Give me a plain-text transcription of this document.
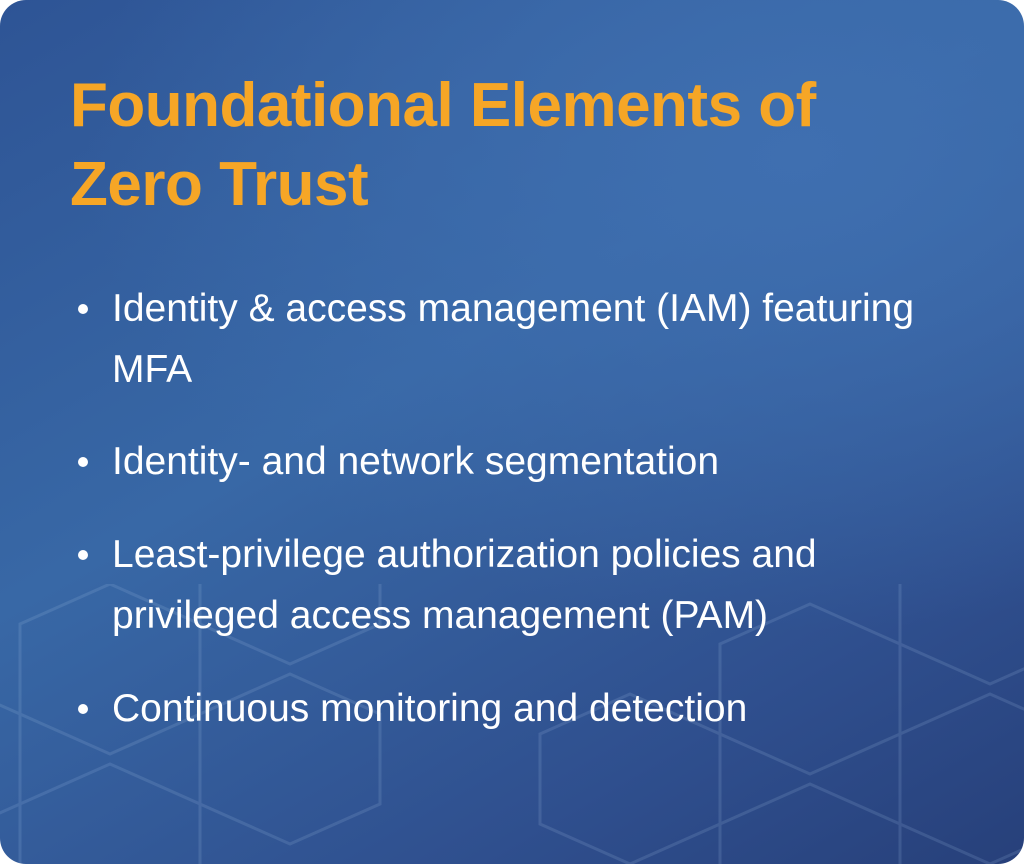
Foundational Elements of Zero Trust
Identity & access management (IAM) featuring MFA
Identity- and network segmentation
Least-privilege authorization policies and privileged access management (PAM)
Continuous monitoring and detection
